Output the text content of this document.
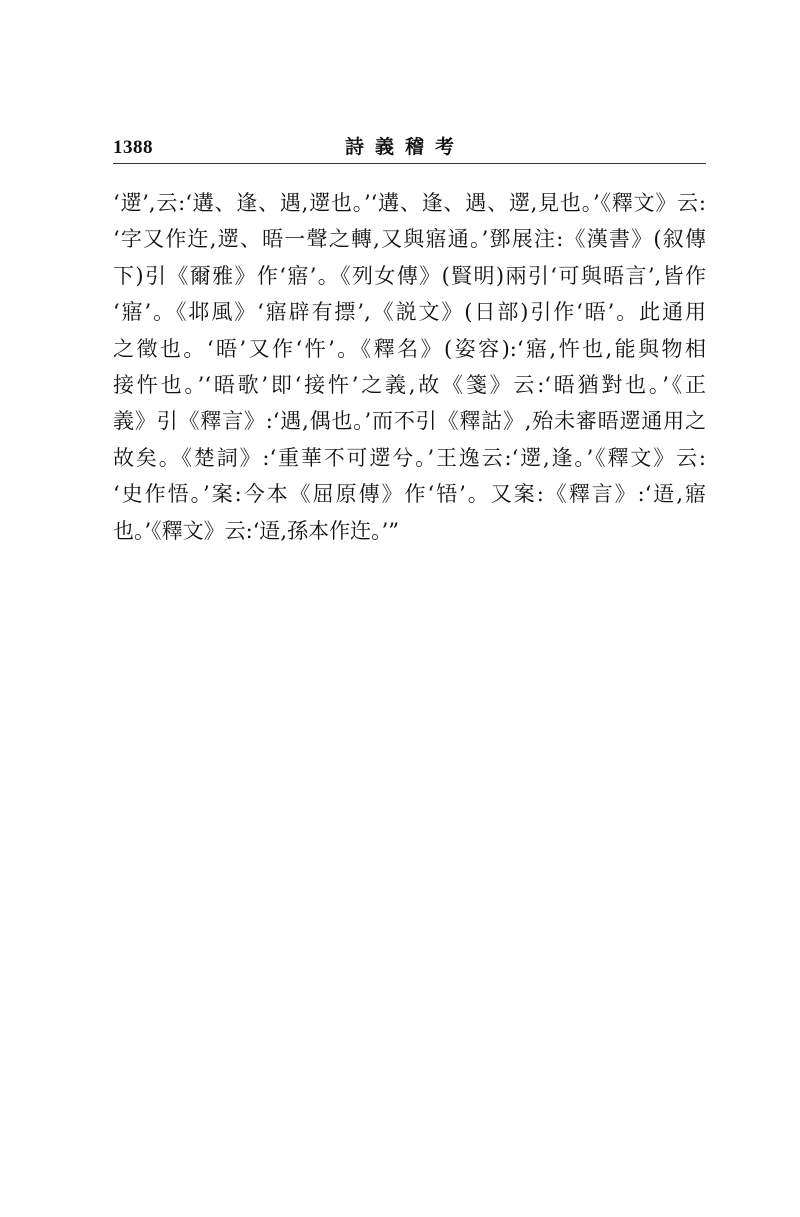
1388	詩義稽考
‘遻’,云:‘遘、逢、遇,遻也。’‘遘、逢、遇、遻,見也。’《釋文》云:
‘字又作迕,遻、晤一聲之轉,又與寤通。’鄧展注:《漢書》(叙傳
下)引《爾雅》作‘寤’。《列女傳》(賢明)兩引‘可與晤言’,皆作
‘寤’。《邶風》‘寤辟有摽’,《説文》(日部)引作‘晤’。此通用
之徵也。‘晤’又作‘忤’。《釋名》(姿容):‘寤,忤也,能與物相
接忤也。’‘晤歌’即‘接忤’之義,故《箋》云:‘晤猶對也。’《正
義》引《釋言》:‘遇,偶也。’而不引《釋詁》,殆未審晤遻通用之
故矣。《楚詞》:‘重華不可遻兮。’王逸云:‘遻,逢。’《釋文》云:
‘史作悟。’案:今本《屈原傳》作‘啎’。又案:《釋言》:‘逜,寤
也。’《釋文》云:‘逜,孫本作迕。’”
